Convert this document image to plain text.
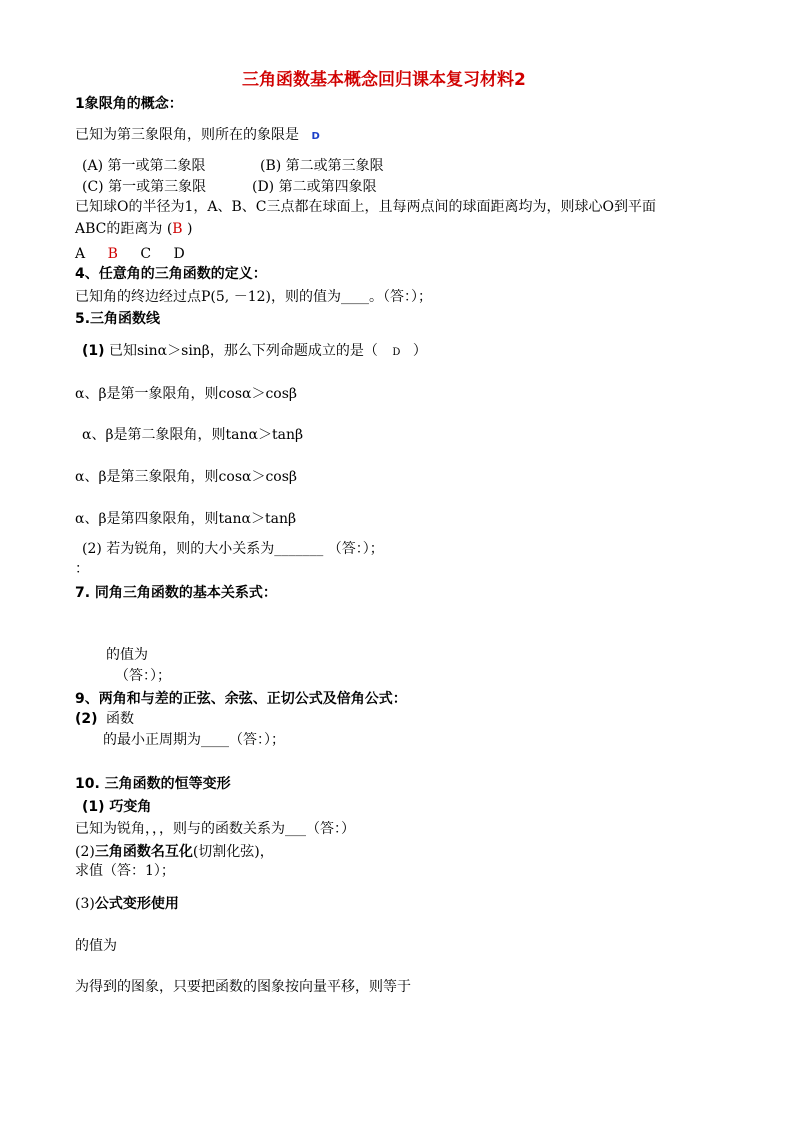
三角函数基本概念回归课本复习材料2
1象限角的概念：
已知为第三象限角，则所在的象限是 D
(A) 第一或第二象限	(B) 第二或第三象限
(C) 第一或第三象限	(D) 第二或第四象限
已知球O的半径为1，A、B、C三点都在球面上，且每两点间的球面距离均为，则球心O到平面
ABC的距离为 (B )
A B C D
4、任意角的三角函数的定义：
已知角的终边经过点P(5, －12)，则的值为____。（答：）；
5.三角函数线
(1) 已知sinα＞sinβ，那么下列命题成立的是（ D ）
α、β是第一象限角，则cosα＞cosβ
α、β是第二象限角，则tanα＞tanβ
α、β是第三象限角，则cosα＞cosβ
α、β是第四象限角，则tanα＞tanβ
(2) 若为锐角，则的大小关系为_______ （答：）；
：
7. 同角三角函数的基本关系式：
的值为
（答：）；
9、两角和与差的正弦、余弦、正切公式及倍角公式：
(2) 函数
的最小正周期为____（答：）；
10. 三角函数的恒等变形
(1) 巧变角
已知为锐角，，，则与的函数关系为___（答：）
(2)三角函数名互化(切割化弦)，
求值（答：1）；
(3)公式变形使用
的值为
为得到的图象，只要把函数的图象按向量平移，则等于
